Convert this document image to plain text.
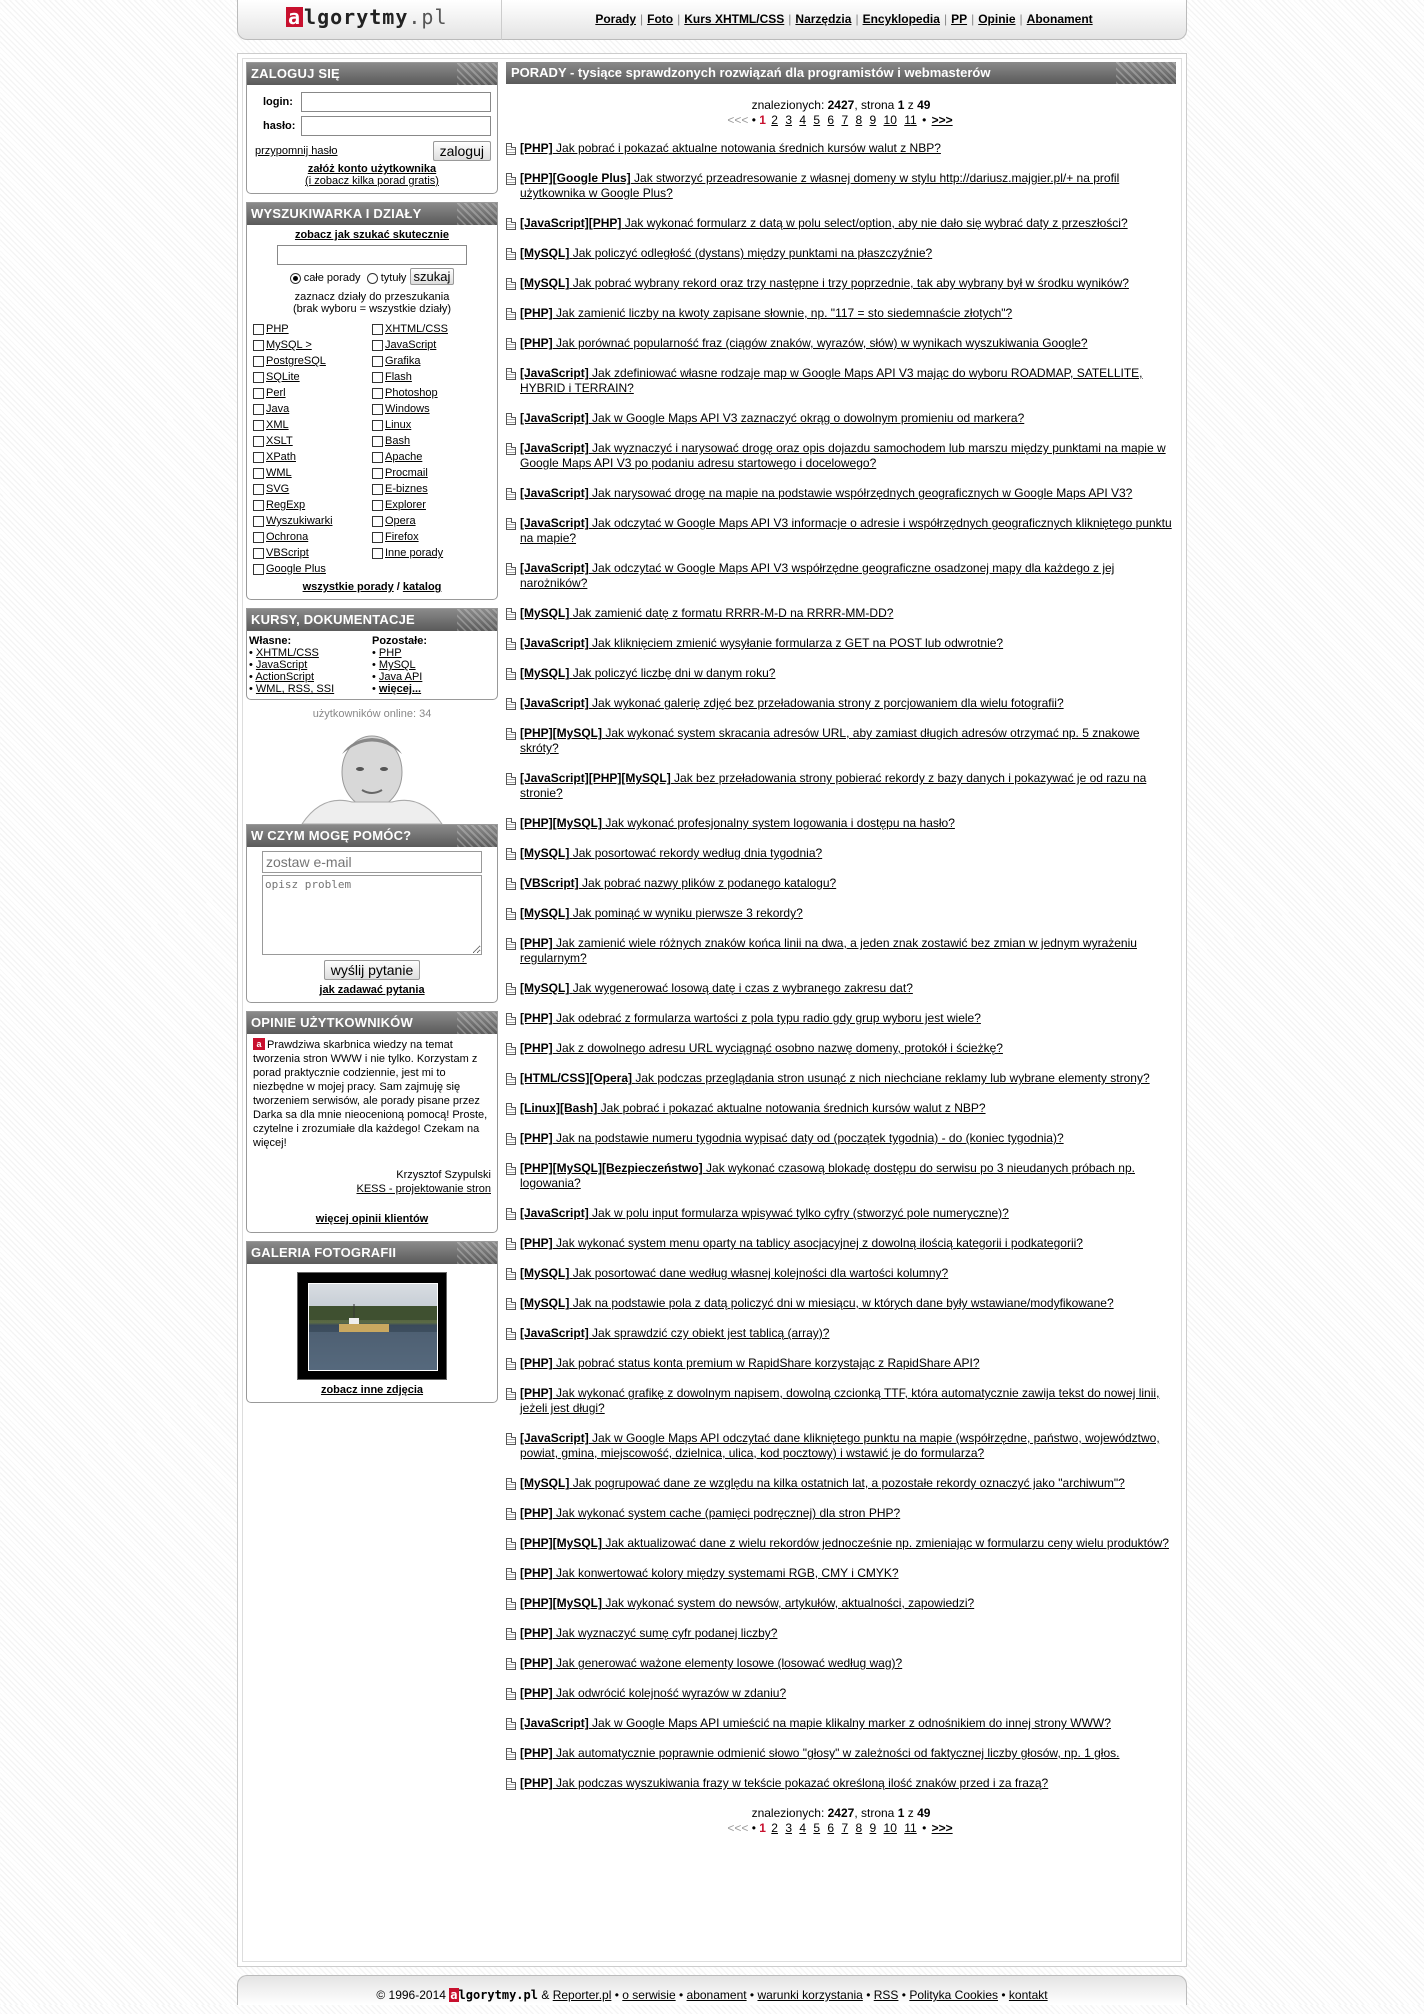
a lgorytmy.pl	Porady | Foto | Kurs XHTML/CSS | Narzędzia | Encyklopedia | PP | Opinie | Abonament
ZALOGUJ SIĘ
login:	
hasło:	
przypomnij hasło	zaloguj
załóż konto użytkownika
(i zobacz kilka porad gratis)
WYSZUKIWARKA I DZIAŁY
zobacz jak szukać skutecznie
całe porady tytuły szukaj
zaznacz działy do przeszukania
(brak wyboru = wszystkie działy)
PHP	XHTML/CSS
MySQL >	JavaScript
PostgreSQL	Grafika
SQLite	Flash
Perl	Photoshop
Java	Windows
XML	Linux
XSLT	Bash
XPath	Apache
WML	Procmail
SVG	E-biznes
RegExp	Explorer
Wyszukiwarki	Opera
Ochrona	Firefox
VBScript	Inne porady
Google Plus
wszystkie porady / katalog
KURSY, DOKUMENTACJE
Własne:
• XHTML/CSS
• JavaScript
• ActionScript
• WML, RSS, SSI
Pozostałe:
• PHP
• MySQL
• Java API
• więcej...
użytkowników online: 34
W CZYM MOGĘ POMÓC?
zostaw e-mail opisz problem
wyślij pytanie
jak zadawać pytania
OPINIE UŻYTKOWNIKÓW
a Prawdziwa skarbnica wiedzy na temat tworzenia stron WWW i nie tylko. Korzystam z porad praktycznie codziennie, jest mi to niezbędne w mojej pracy. Sam zajmuję się tworzeniem serwisów, ale porady pisane przez Darka sa dla mnie nieocenioną pomocą! Proste, czytelne i zrozumiałe dla każdego! Czekam na więcej!
Krzysztof Szypulski
KESS - projektowanie stron
więcej opinii klientów
GALERIA FOTOGRAFII
zobacz inne zdjęcia
PORADY - tysiące sprawdzonych rozwiązań dla programistów i webmasterów
znalezionych: 2427, strona 1 z 49
<<< • 1 2 3 4 5 6 7 8 9 10 11 • >>>
[PHP] Jak pobrać i pokazać aktualne notowania średnich kursów walut z NBP?
[PHP][Google Plus] Jak stworzyć przeadresowanie z własnej domeny w stylu http://dariusz.majgier.pl/+ na profil użytkownika w Google Plus?
[JavaScript][PHP] Jak wykonać formularz z datą w polu select/option, aby nie dało się wybrać daty z przeszłości?
[MySQL] Jak policzyć odległość (dystans) między punktami na płaszczyźnie?
[MySQL] Jak pobrać wybrany rekord oraz trzy następne i trzy poprzednie, tak aby wybrany był w środku wyników?
[PHP] Jak zamienić liczby na kwoty zapisane słownie, np. "117 = sto siedemnaście złotych"?
[PHP] Jak porównać popularność fraz (ciągów znaków, wyrazów, słów) w wynikach wyszukiwania Google?
[JavaScript] Jak zdefiniować własne rodzaje map w Google Maps API V3 mając do wyboru ROADMAP, SATELLITE, HYBRID i TERRAIN?
[JavaScript] Jak w Google Maps API V3 zaznaczyć okrąg o dowolnym promieniu od markera?
[JavaScript] Jak wyznaczyć i narysować drogę oraz opis dojazdu samochodem lub marszu między punktami na mapie w Google Maps API V3 po podaniu adresu startowego i docelowego?
[JavaScript] Jak narysować drogę na mapie na podstawie współrzędnych geograficznych w Google Maps API V3?
[JavaScript] Jak odczytać w Google Maps API V3 informacje o adresie i współrzędnych geograficznych klikniętego punktu na mapie?
[JavaScript] Jak odczytać w Google Maps API V3 współrzędne geograficzne osadzonej mapy dla każdego z jej narożników?
[MySQL] Jak zamienić datę z formatu RRRR-M-D na RRRR-MM-DD?
[JavaScript] Jak kliknięciem zmienić wysyłanie formularza z GET na POST lub odwrotnie?
[MySQL] Jak policzyć liczbę dni w danym roku?
[JavaScript] Jak wykonać galerię zdjęć bez przeładowania strony z porcjowaniem dla wielu fotografii?
[PHP][MySQL] Jak wykonać system skracania adresów URL, aby zamiast długich adresów otrzymać np. 5 znakowe skróty?
[JavaScript][PHP][MySQL] Jak bez przeładowania strony pobierać rekordy z bazy danych i pokazywać je od razu na stronie?
[PHP][MySQL] Jak wykonać profesjonalny system logowania i dostępu na hasło?
[MySQL] Jak posortować rekordy według dnia tygodnia?
[VBScript] Jak pobrać nazwy plików z podanego katalogu?
[MySQL] Jak pominąć w wyniku pierwsze 3 rekordy?
[PHP] Jak zamienić wiele różnych znaków końca linii na dwa, a jeden znak zostawić bez zmian w jednym wyrażeniu regularnym?
[MySQL] Jak wygenerować losową datę i czas z wybranego zakresu dat?
[PHP] Jak odebrać z formularza wartości z pola typu radio gdy grup wyboru jest wiele?
[PHP] Jak z dowolnego adresu URL wyciągnąć osobno nazwę domeny, protokół i ścieżkę?
[HTML/CSS][Opera] Jak podczas przeglądania stron usunąć z nich niechciane reklamy lub wybrane elementy strony?
[Linux][Bash] Jak pobrać i pokazać aktualne notowania średnich kursów walut z NBP?
[PHP] Jak na podstawie numeru tygodnia wypisać daty od (początek tygodnia) - do (koniec tygodnia)?
[PHP][MySQL][Bezpieczeństwo] Jak wykonać czasową blokadę dostępu do serwisu po 3 nieudanych próbach np. logowania?
[JavaScript] Jak w polu input formularza wpisywać tylko cyfry (stworzyć pole numeryczne)?
[PHP] Jak wykonać system menu oparty na tablicy asocjacyjnej z dowolną ilością kategorii i podkategorii?
[MySQL] Jak posortować dane według własnej kolejności dla wartości kolumny?
[MySQL] Jak na podstawie pola z datą policzyć dni w miesiącu, w których dane były wstawiane/modyfikowane?
[JavaScript] Jak sprawdzić czy obiekt jest tablicą (array)?
[PHP] Jak pobrać status konta premium w RapidShare korzystając z RapidShare API?
[PHP] Jak wykonać grafikę z dowolnym napisem, dowolną czcionką TTF, która automatycznie zawija tekst do nowej linii, jeżeli jest długi?
[JavaScript] Jak w Google Maps API odczytać dane klikniętego punktu na mapie (współrzędne, państwo, województwo, powiat, gmina, miejscowość, dzielnica, ulica, kod pocztowy) i wstawić je do formularza?
[MySQL] Jak pogrupować dane ze względu na kilka ostatnich lat, a pozostałe rekordy oznaczyć jako "archiwum"?
[PHP] Jak wykonać system cache (pamięci podręcznej) dla stron PHP?
[PHP][MySQL] Jak aktualizować dane z wielu rekordów jednocześnie np. zmieniając w formularzu ceny wielu produktów?
[PHP] Jak konwertować kolory między systemami RGB, CMY i CMYK?
[PHP][MySQL] Jak wykonać system do newsów, artykułów, aktualności, zapowiedzi?
[PHP] Jak wyznaczyć sumę cyfr podanej liczby?
[PHP] Jak generować ważone elementy losowe (losować według wag)?
[PHP] Jak odwrócić kolejność wyrazów w zdaniu?
[JavaScript] Jak w Google Maps API umieścić na mapie klikalny marker z odnośnikiem do innej strony WWW?
[PHP] Jak automatycznie poprawnie odmienić słowo "głosy" w zależności od faktycznej liczby głosów, np. 1 głos.
[PHP] Jak podczas wyszukiwania frazy w tekście pokazać określoną ilość znaków przed i za frazą?
znalezionych: 2427, strona 1 z 49
<<< • 1 2 3 4 5 6 7 8 9 10 11 • >>>
© 1996-2014 algorytmy.pl & Reporter.pl • o serwisie • abonament • warunki korzystania • RSS • Polityka Cookies • kontakt
